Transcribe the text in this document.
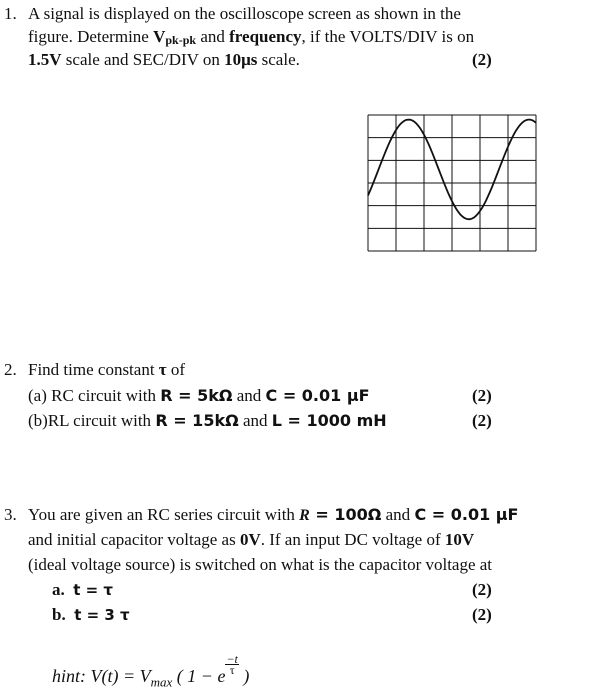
1. A signal is displayed on the oscilloscope screen as shown in the
figure. Determine Vpk-pk and frequency, if the VOLTS/DIV is on
1.5V scale and SEC/DIV on 10μs scale.	(2)
2. Find time constant τ of
(a) RC circuit with R = 5kΩ and C = 0.01 μF	(2)
(b)RL circuit with R = 15kΩ and L = 1000 mH	(2)
3. You are given an RC series circuit with R = 100Ω and C = 0.01 μF
and initial capacitor voltage as 0V. If an input DC voltage of 10V
(ideal voltage source) is switched on what is the capacitor voltage at
a. t = τ	(2)
b. t = 3 τ	(2)
hint: $V(t) = V_{max}$ ( 1 − e $\frac{-t}{\tau}$ )
